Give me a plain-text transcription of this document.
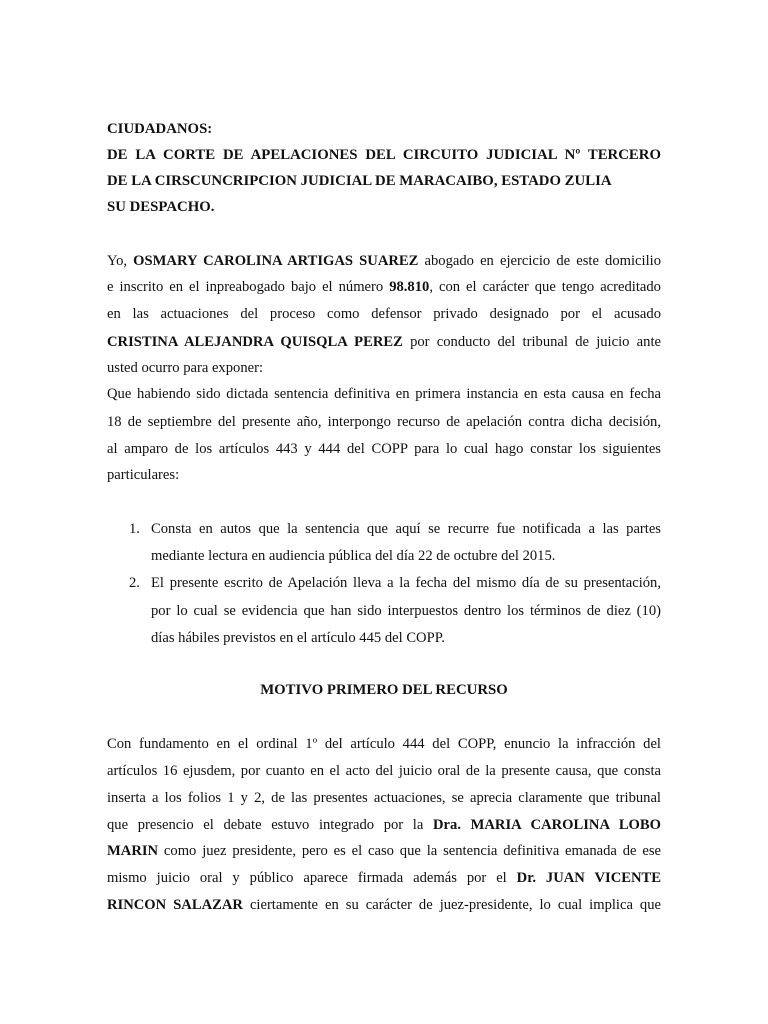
CIUDADANOS:
DE LA CORTE DE APELACIONES DEL CIRCUITO JUDICIAL Nº TERCERO
DE LA CIRSCUNCRIPCION JUDICIAL DE MARACAIBO, ESTADO ZULIA
SU DESPACHO.
Yo, OSMARY CAROLINA ARTIGAS SUAREZ abogado en ejercicio de este domicilio
e inscrito en el inpreabogado bajo el número 98.810, con el carácter que tengo acreditado
en las actuaciones del proceso como defensor privado designado por el acusado
CRISTINA ALEJANDRA QUISQLA PEREZ por conducto del tribunal de juicio ante
usted ocurro para exponer:
Que habiendo sido dictada sentencia definitiva en primera instancia en esta causa en fecha
18 de septiembre del presente año, interpongo recurso de apelación contra dicha decisión,
al amparo de los artículos 443 y 444 del COPP para lo cual hago constar los siguientes
particulares:
1. Consta en autos que la sentencia que aquí se recurre fue notificada a las partes
mediante lectura en audiencia pública del día 22 de octubre del 2015.
2. El presente escrito de Apelación lleva a la fecha del mismo día de su presentación,
por lo cual se evidencia que han sido interpuestos dentro los términos de diez (10)
días hábiles previstos en el artículo 445 del COPP.
MOTIVO PRIMERO DEL RECURSO
Con fundamento en el ordinal 1º del artículo 444 del COPP, enuncio la infracción del
artículos 16 ejusdem, por cuanto en el acto del juicio oral de la presente causa, que consta
inserta a los folios 1 y 2, de las presentes actuaciones, se aprecia claramente que tribunal
que presencio el debate estuvo integrado por la Dra. MARIA CAROLINA LOBO
MARIN como juez presidente, pero es el caso que la sentencia definitiva emanada de ese
mismo juicio oral y público aparece firmada además por el Dr. JUAN VICENTE
RINCON SALAZAR ciertamente en su carácter de juez-presidente, lo cual implica que
